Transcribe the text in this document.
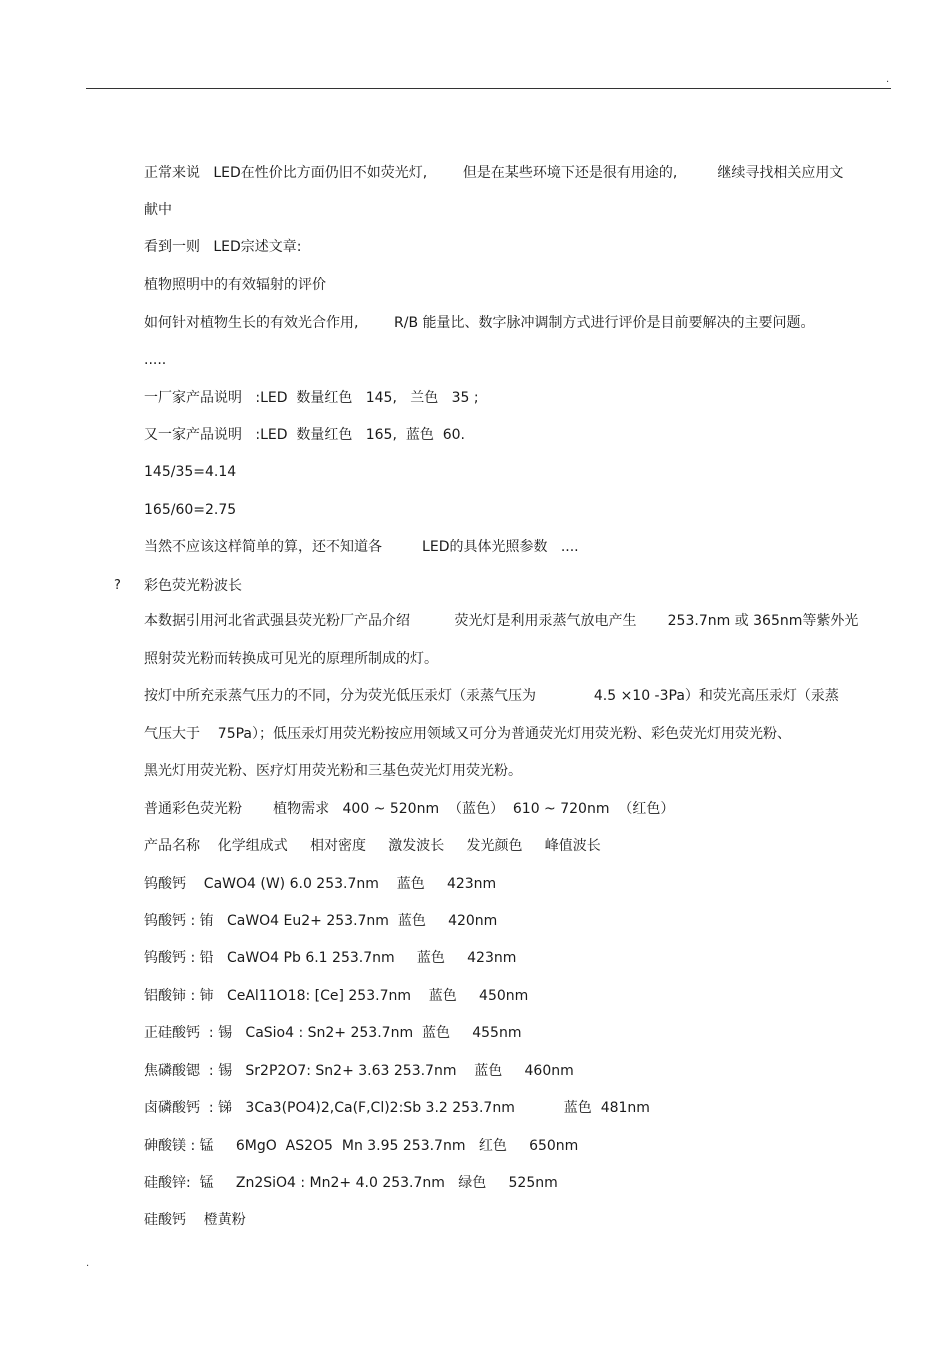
.
正常来说   LED在性价比方面仍旧不如荧光灯,        但是在某些环境下还是很有用途的,         继续寻找相关应用文
献中
看到一则   LED宗述文章:
植物照明中的有效辐射的评价
如何针对植物生长的有效光合作用,        R/B 能量比、数字脉冲调制方式进行评价是目前要解决的主要问题。
.....
一厂家产品说明   :LED  数量红色   145,   兰色   35 ;
又一家产品说明   :LED  数量红色   165,  蓝色  60.
145/35=4.14
165/60=2.75
当然不应该这样简单的算，还不知道各         LED的具体光照参数   ....
? 彩色荧光粉波长
本数据引用河北省武强县荧光粉厂产品介绍          荧光灯是利用汞蒸气放电产生       253.7nm 或 365nm等紫外光
照射荧光粉而转换成可见光的原理所制成的灯。
按灯中所充汞蒸气压力的不同，分为荧光低压汞灯（汞蒸气压为             4.5 ×10 -3Pa）和荧光高压汞灯（汞蒸
气压大于    75Pa）；低压汞灯用荧光粉按应用领域又可分为普通荧光灯用荧光粉、彩色荧光灯用荧光粉、
黑光灯用荧光粉、医疗灯用荧光粉和三基色荧光灯用荧光粉。
普通彩色荧光粉       植物需求   400 ~ 520nm  （蓝色）  610 ~ 720nm  （红色）
产品名称    化学组成式     相对密度     激发波长     发光颜色     峰值波长
钨酸钙    CaWO4 (W) 6.0 253.7nm    蓝色     423nm
钨酸钙 : 铕   CaWO4 Eu2+ 253.7nm  蓝色     420nm
钨酸钙 : 铅   CaWO4 Pb 6.1 253.7nm     蓝色     423nm
铝酸铈 : 铈   CeAl11O18: [Ce] 253.7nm    蓝色     450nm
正硅酸钙  : 锡   CaSio4 : Sn2+ 253.7nm  蓝色     455nm
焦磷酸锶  : 锡   Sr2P2O7: Sn2+ 3.63 253.7nm    蓝色     460nm
卤磷酸钙  : 锑   3Ca3(PO4)2,Ca(F,Cl)2:Sb 3.2 253.7nm           蓝色  481nm
砷酸镁 : 锰     6MgO  AS2O5  Mn 3.95 253.7nm   红色     650nm
硅酸锌:  锰     Zn2SiO4 : Mn2+ 4.0 253.7nm   绿色     525nm
硅酸钙    橙黄粉
.
